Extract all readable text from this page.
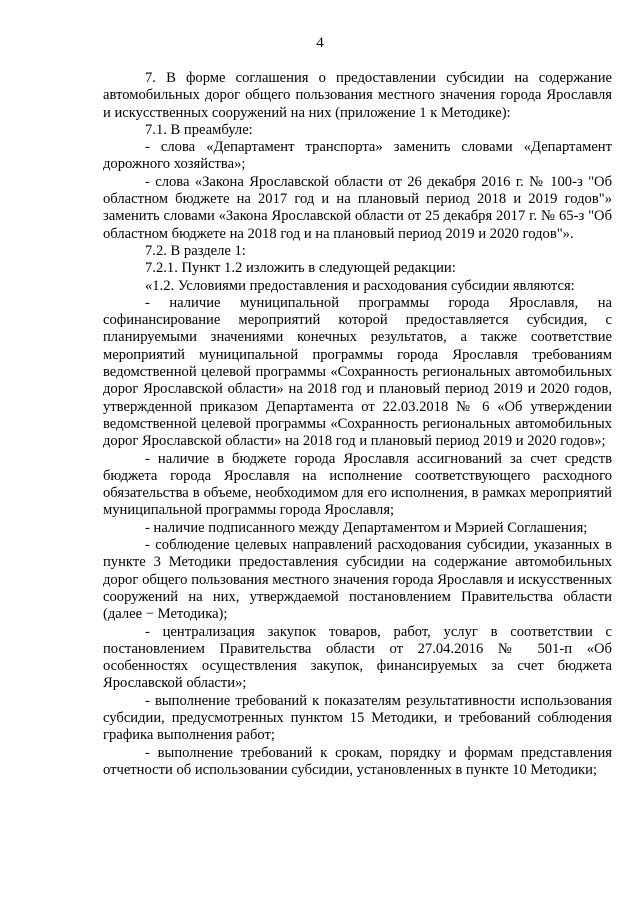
4

7. В форме соглашения о предоставлении субсидии на содержание автомобильных дорог общего пользования местного значения города Ярославля и искусственных сооружений на них (приложение 1 к Методике):

7.1. В преамбуле:

- слова «Департамент транспорта» заменить словами «Департамент дорожного хозяйства»;

- слова «Закона Ярославской области от 26 декабря 2016 г. № 100-з "Об областном бюджете на 2017 год и на плановый период 2018 и 2019 годов"» заменить словами «Закона Ярославской области от 25 декабря 2017 г. № 65-з "Об областном бюджете на 2018 год и на плановый период 2019 и 2020 годов"».

7.2. В разделе 1:

7.2.1. Пункт 1.2 изложить в следующей редакции:

«1.2. Условиями предоставления и расходования субсидии являются:

- наличие муниципальной программы города Ярославля, на софинансирование мероприятий которой предоставляется субсидия, с планируемыми значениями конечных результатов, а также соответствие мероприятий муниципальной программы города Ярославля требованиям ведомственной целевой программы «Сохранность региональных автомобильных дорог Ярославской области» на 2018 год и плановый период 2019 и 2020 годов, утвержденной приказом Департамента от 22.03.2018 № 6 «Об утверждении ведомственной целевой программы «Сохранность региональных автомобильных дорог Ярославской области» на 2018 год и плановый период 2019 и 2020 годов»;

- наличие в бюджете города Ярославля ассигнований за счет средств бюджета города Ярославля на исполнение соответствующего расходного обязательства в объеме, необходимом для его исполнения, в рамках мероприятий муниципальной программы города Ярославля;

- наличие подписанного между Департаментом и Мэрией Соглашения;

- соблюдение целевых направлений расходования субсидии, указанных в пункте 3 Методики предоставления субсидии на содержание автомобильных дорог общего пользования местного значения города Ярославля и искусственных сооружений на них, утверждаемой постановлением Правительства области (далее − Методика);

- централизация закупок товаров, работ, услуг в соответствии с постановлением Правительства области от 27.04.2016 № 501-п «Об особенностях осуществления закупок, финансируемых за счет бюджета Ярославской области»;

- выполнение требований к показателям результативности использования субсидии, предусмотренных пунктом 15 Методики, и требований соблюдения графика выполнения работ;

- выполнение требований к срокам, порядку и формам представления отчетности об использовании субсидии, установленных в пункте 10 Методики;
